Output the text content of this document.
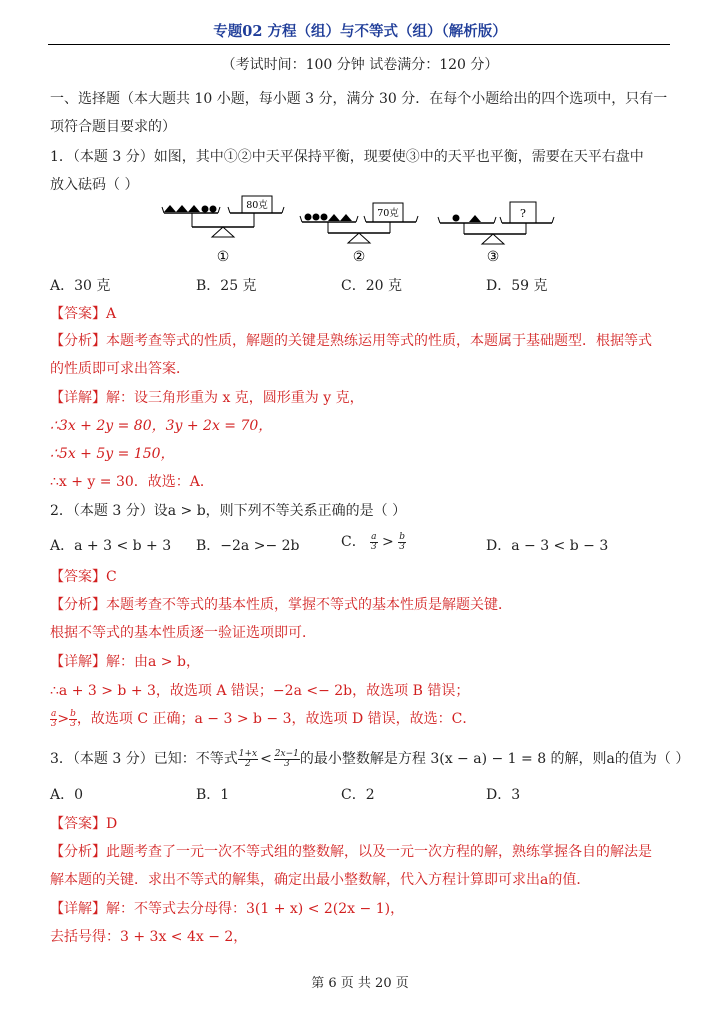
专题02 方程（组）与不等式（组）（解析版）
（考试时间：100 分钟 试卷满分：120 分）
一、选择题（本大题共 10 小题，每小题 3 分，满分 30 分．在每个小题给出的四个选项中，只有一
项符合题目要求的）
1．（本题 3 分）如图，其中①②中天平保持平衡，现要使③中的天平也平衡，需要在天平右盘中
放入砝码（ ）
80克
①
70克
②
?
③
A．30 克	B．25 克	C．20 克	D．59 克
【答案】A
【分析】本题考查等式的性质，解题的关键是熟练运用等式的性质，本题属于基础题型．根据等式
的性质即可求出答案．
【详解】解：设三角形重为 x 克，圆形重为 y 克，
∴3x + 2y = 80，3y + 2x = 70，
∴5x + 5y = 150，
∴x + y = 30．故选：A．
2．（本题 3 分）设a > b，则下列不等关系正确的是（ ）
A．a + 3 < b + 3 B．−2a >− 2b	C． $\frac{a}{3} > \frac{b}{3}$	D．a − 3 < b − 3
【答案】C
【分析】本题考查不等式的基本性质，掌握不等式的基本性质是解题关键．
根据不等式的基本性质逐一验证选项即可．
【详解】解：由a > b，
∴a + 3 > b + 3，故选项 A 错误；−2a <− 2b，故选项 B 错误；
$\frac{a}{3} > \frac{b}{3}$ ，故选项 C 正确；a − 3 > b − 3，故选项 D 错误，故选：C．
3．（本题 3 分）已知：不等式 $\frac{1+x}{2} < \frac{2x-1}{3}$ 的最小整数解是方程 3(x − a) − 1 = 8 的解，则a的值为（ ）
A．0	B．1	C．2	D．3
【答案】D
【分析】此题考查了一元一次不等式组的整数解，以及一元一次方程的解，熟练掌握各自的解法是
解本题的关键．求出不等式的解集，确定出最小整数解，代入方程计算即可求出a的值．
【详解】解：不等式去分母得：3(1 + x) < 2(2x − 1)，
去括号得：3 + 3x < 4x − 2，
第 6 页 共 20 页
